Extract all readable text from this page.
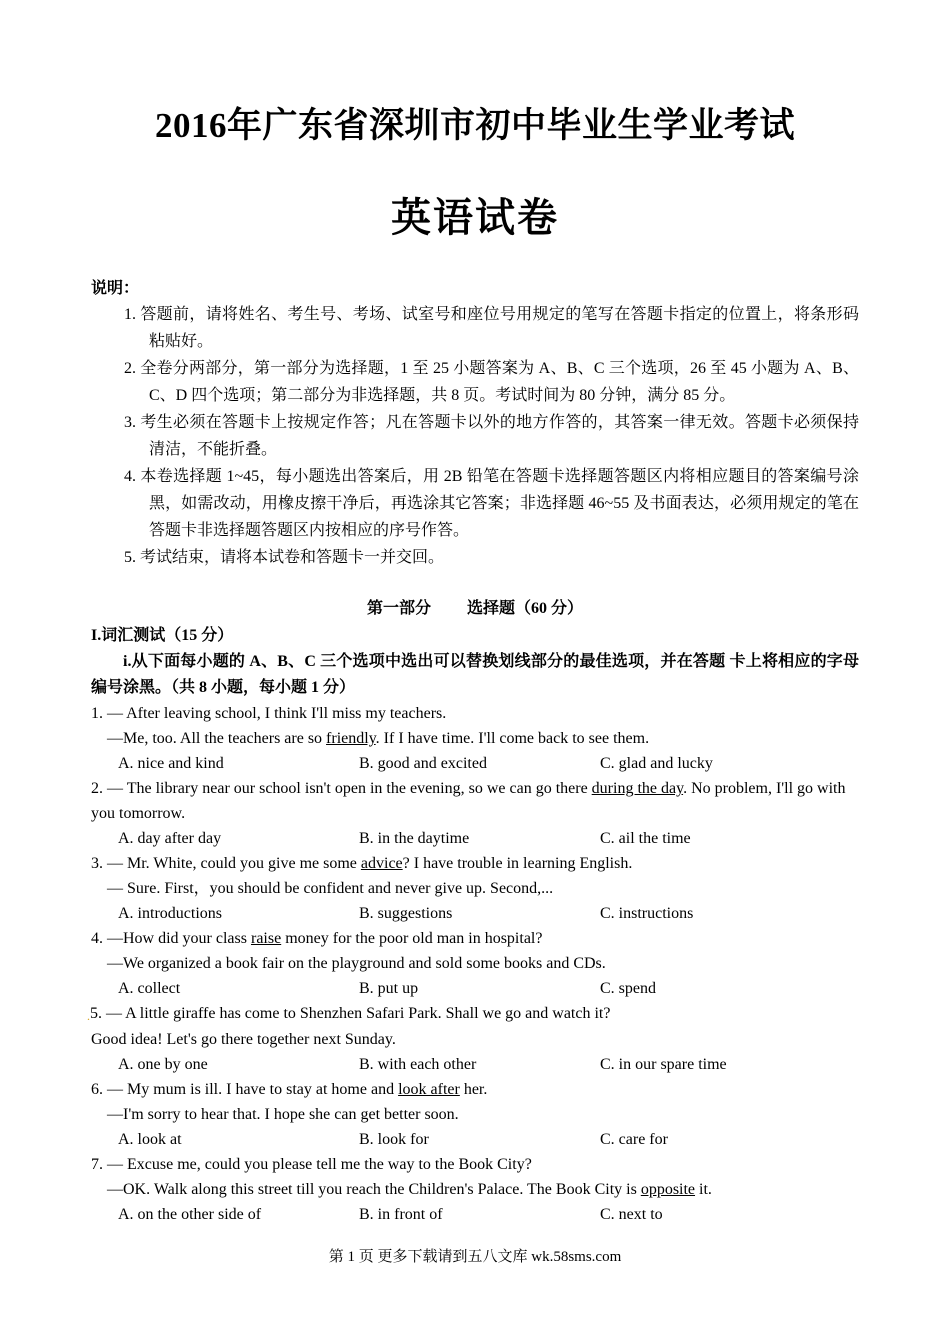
2016年广东省深圳市初中毕业生学业考试
英语试卷
说明：
1. 答题前，请将姓名、考生号、考场、试室号和座位号用规定的笔写在答题卡指定的位置上，将条形码粘贴好。
2. 全卷分两部分，第一部分为选择题，1 至 25 小题答案为 A、B、C 三个选项，26 至 45 小题为 A、B、C、D 四个选项；第二部分为非选择题，共 8 页。考试时间为 80 分钟，满分 85 分。
3. 考生必须在答题卡上按规定作答；凡在答题卡以外的地方作答的，其答案一律无效。答题卡必须保持清洁，不能折叠。
4. 本卷选择题 1~45，每小题选出答案后，用 2B 铅笔在答题卡选择题答题区内将相应题目的答案编号涂黑，如需改动，用橡皮擦干净后，再选涂其它答案；非选择题 46~55 及书面表达，必须用规定的笔在答题卡非选择题答题区内按相应的序号作答。
5. 考试结束，请将本试卷和答题卡一并交回。
第一部分 选择题（60 分）
I.词汇测试（15 分）
i.从下面每小题的 A、B、C 三个选项中选出可以替换划线部分的最佳选项，并在答题 卡上将相应的字母编号涂黑。（共 8 小题，每小题 1 分）
1. — After leaving school, I think I'll miss my teachers.
—Me, too. All the teachers are so friendly. If I have time. I'll come back to see them.
A. nice and kind	B. good and excited	C. glad and lucky
2. — The library near our school isn't open in the evening, so we can go there during the day. No problem, I'll go with you tomorrow.
A. day after day	B. in the daytime	C. ail the time
3. — Mr. White, could you give me some advice? I have trouble in learning English.
— Sure. First，you should be confident and never give up. Second,...
A. introductions	B. suggestions	C. instructions
4. —How did your class raise money for the poor old man in hospital?
—We organized a book fair on the playground and sold some books and CDs.
A. collect	B. put up	C. spend
.5. — A little giraffe has come to Shenzhen Safari Park. Shall we go and watch it?
Good idea! Let's go there together next Sunday.
A. one by one	B. with each other	C. in our spare time
6. — My mum is ill. I have to stay at home and look after her.
—I'm sorry to hear that. I hope she can get better soon.
A. look at	B. look for	C. care for
7. — Excuse me, could you please tell me the way to the Book City?
—OK. Walk along this street till you reach the Children's Palace. The Book City is opposite it.
A. on the other side of	B. in front of	C. next to
第 1 页 更多下载请到五八文库 wk.58sms.com
